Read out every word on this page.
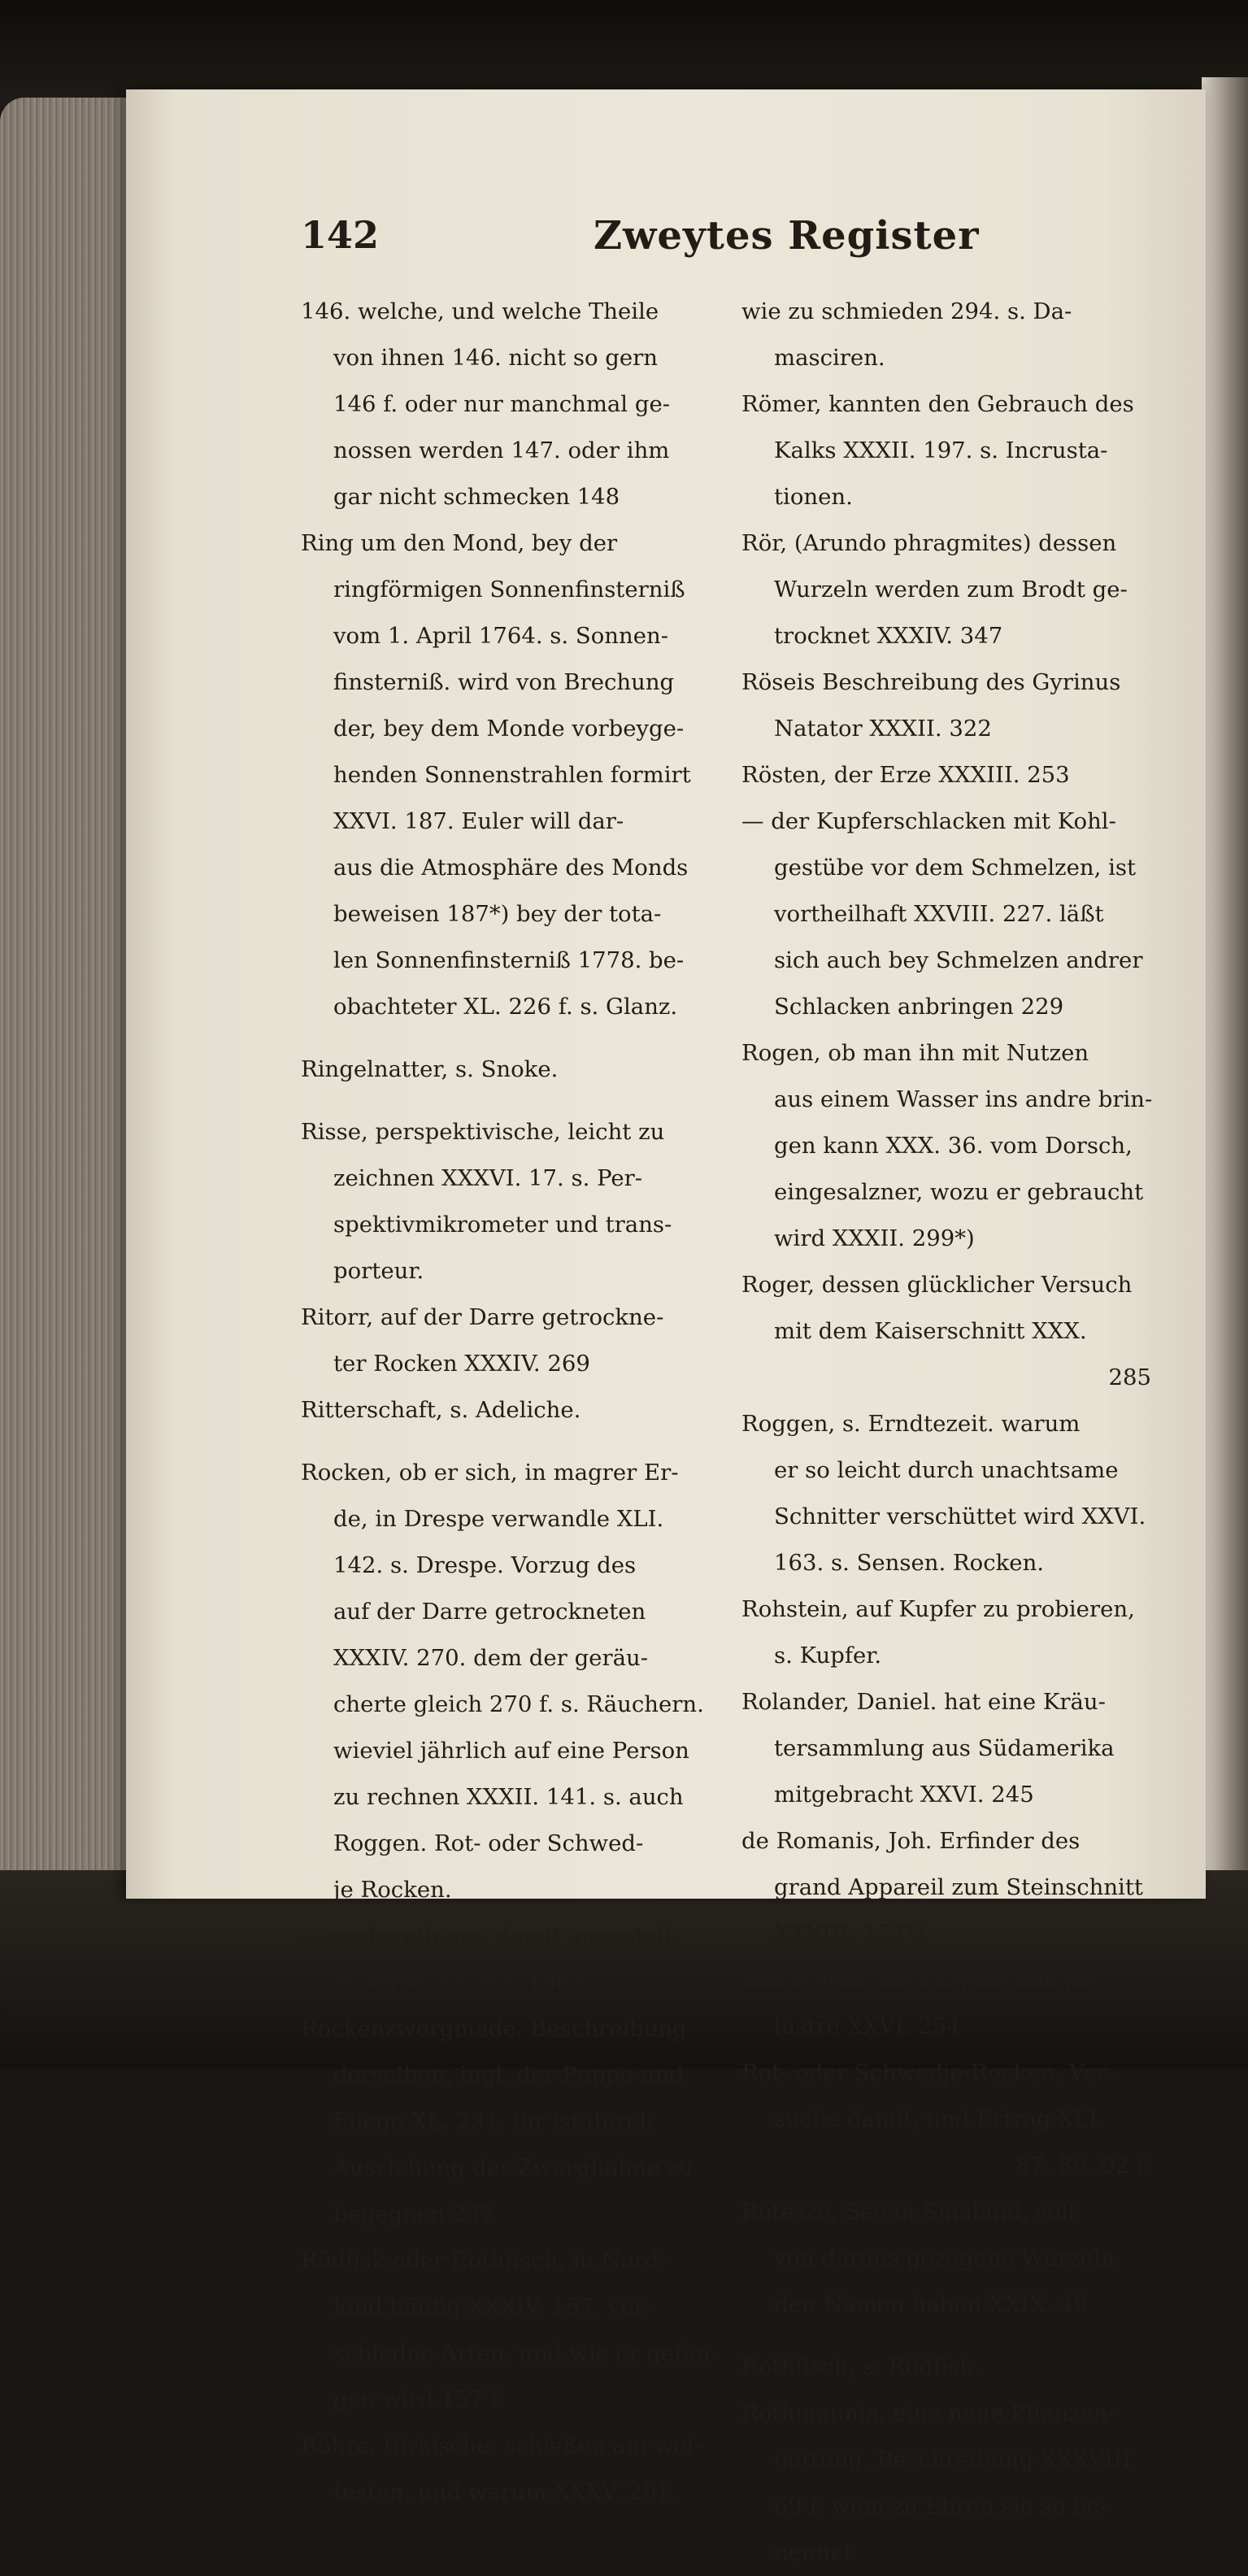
142	Zweytes Register
146. welche, und welche Theile
von ihnen 146. nicht so gern
146 f. oder nur manchmal ge-
nossen werden 147. oder ihm
gar nicht schmecken 148
Ring um den Mond, bey der
ringförmigen Sonnenfinsterniß
vom 1. April 1764. s. Sonnen-
finsterniß. wird von Brechung
der, bey dem Monde vorbeyge-
henden Sonnenstrahlen formirt
XXVI. 187. Euler will dar-
aus die Atmosphäre des Monds
beweisen 187*) bey der tota-
len Sonnenfinsterniß 1778. be-
obachteter XL. 226 f. s. Glanz.
Ringelnatter, s. Snoke.
Risse, perspektivische, leicht zu
zeichnen XXXVI. 17. s. Per-
spektivmikrometer und trans-
porteur.
Ritorr, auf der Darre getrockne-
ter Rocken XXXIV. 269
Ritterschaft, s. Adeliche.
Rocken, ob er sich, in magrer Er-
de, in Drespe verwandle XLI.
142. s. Drespe. Vorzug des
auf der Darre getrockneten
XXXIV. 270. dem der geräu-
cherte gleich 270 f. s. Räuchern.
wieviel jährlich auf eine Person
zu rechnen XXXII. 141. s. auch
Roggen. Rot- oder Schwed-
je Rocken.
— sechsreihiger, damit angestell-
te Versuche XLI. 156 f.
Rockenzwergmade. Beschreibung
derselben, ingl. der Puppe und
Fliege XL. 231. ihr ist durch
Ausziehung der Zwerghalme zu
begegnen 232
Rödfisk oder Rothfisch, in Nord-
land häufig XXXIV. 157. ver-
schiedne Arten, und wie er gefan-
gen wird 157 f.
Röhre, türkische. schießen am wei-
testen, und warum XXXV. 291.
wie zu schmieden 294. s. Da-
masciren.
Römer, kannten den Gebrauch des
Kalks XXXII. 197. s. Incrusta-
tionen.
Rör, (Arundo phragmites) dessen
Wurzeln werden zum Brodt ge-
trocknet XXXIV. 347
Röseis Beschreibung des Gyrinus
Natator XXXII. 322
Rösten, der Erze XXXIII. 253
— der Kupferschlacken mit Kohl-
gestübe vor dem Schmelzen, ist
vortheilhaft XXVIII. 227. läßt
sich auch bey Schmelzen andrer
Schlacken anbringen 229
Rogen, ob man ihn mit Nutzen
aus einem Wasser ins andre brin-
gen kann XXX. 36. vom Dorsch,
eingesalzner, wozu er gebraucht
wird XXXII. 299*)
Roger, dessen glücklicher Versuch
mit dem Kaiserschnitt XXX.
285
Roggen, s. Erndtezeit. warum
er so leicht durch unachtsame
Schnitter verschüttet wird XXVI.
163. s. Sensen. Rocken.
Rohstein, auf Kupfer zu probieren,
s. Kupfer.
Rolander, Daniel. hat eine Kräu-
tersammlung aus Südamerika
mitgebracht XXVI. 245
de Romanis, Joh. Erfinder des
grand Appareil zum Steinschnitt
XXVIII. 157*)
Ronnegräs, oder Equisetum pa-
lustre XXVI. 254
Rot- oder Schwedje-Rocken, Ver-
suche damit, und Ertrag XLI.
87. 89. 92 f.
Roteszö, See in Smaland, soll
von daraus gezogene Wurzeln
den Namen haben XXIX. 49
Rothfisch, s. Rödfisk.
Rothmannia, eine neue Pflanzen-
gattung. Beschreibung XXXVIII.
69 f. wem zu Ehren sie so be-
nennet
